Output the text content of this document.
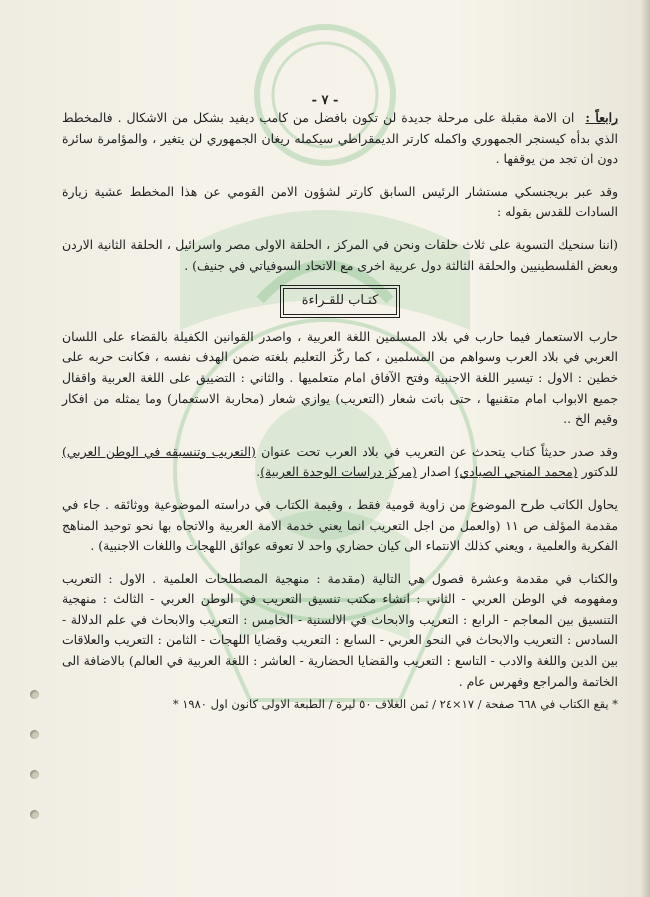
- ٧ -

رابعاً : ان الامة مقبلة على مرحلة جديدة لن تكون بافضل من كامب ديفيد بشكل من الاشكال . فالمخطط الذي بدأه كيسنجر الجمهوري واكمله كارتر الديمقراطي سيكمله ريغان الجمهوري لن يتغير ، والمؤامرة سائرة دون ان تجد من يوقفها .

وقد عبر بريجنسكي مستشار الرئيس السابق كارتر لشؤون الامن القومي عن هذا المخطط عشية زيارة السادات للقدس بقوله :

(اننا سنحيك التسوية على ثلاث حلقات ونحن في المركز ، الحلقة الاولى مصر واسرائيل ، الحلقة الثانية الاردن وبعض الفلسطينيين والحلقة الثالثة دول عربية اخرى مع الاتحاد السوفياتي في جنيف) .

كتـاب للقـراءة

حارب الاستعمار فيما حارب في بلاد المسلمين اللغة العربية ، واصدر القوانين الكفيلة بالقضاء على اللسان العربي في بلاد العرب وسواهم من المسلمين ، كما ركّز التعليم بلغته ضمن الهدف نفسه ، فكانت حربه على خطين : الاول : تيسير اللغة الاجنبية وفتح الآفاق امام متعلميها . والثاني : التضييق على اللغة العربية واقفال جميع الابواب امام متقنيها ، حتى باتت شعار (التعريب) يوازي شعار (محاربة الاستعمار) وما يمثله من افكار وقيم الخ ..

وقد صدر حديثاً كتاب يتحدث عن التعريب في بلاد العرب تحت عنوان (التعريب وتنسيقه في الوطن العربي) للدكتور (محمد المنجي الصيادي) اصدار (مركز دراسات الوحدة العربية).

يحاول الكاتب طرح الموضوع من زاوية قومية فقط ، وقيمة الكتاب في دراسته الموضوعية ووثائقه . جاء في مقدمة المؤلف ص ١١ (والعمل من اجل التعريب انما يعني خدمة الامة العربية والاتجاه بها نحو توحيد المناهج الفكرية والعلمية ، ويعني كذلك الانتماء الى كيان حضاري واحد لا تعوقه عوائق اللهجات واللغات الاجنبية) .

والكتاب في مقدمة وعشرة فصول هي التالية (مقدمة : منهجية المصطلحات العلمية . الاول : التعريب ومفهومه في الوطن العربي - الثاني : انشاء مكتب تنسيق التعريب في الوطن العربي - الثالث : منهجية التنسيق بين المعاجم - الرابع : التعريب والابحاث في الالسنية - الخامس : التعريب والابحاث في علم الدلالة - السادس : التعريب والابحاث في النحو العربي - السابع : التعريب وقضايا اللهجات - الثامن : التعريب والعلاقات بين الدين واللغة والادب - التاسع : التعريب والقضايا الحضارية - العاشر : اللغة العربية في العالم) بالاضافة الى الخاتمة والمراجع وفهرس عام .

* يقع الكتاب في ٦٦٨ صفحة / ١٧×٢٤ / ثمن الغلاف ٥٠ ليرة / الطبعة الاولى كانون اول ١٩٨٠ *
